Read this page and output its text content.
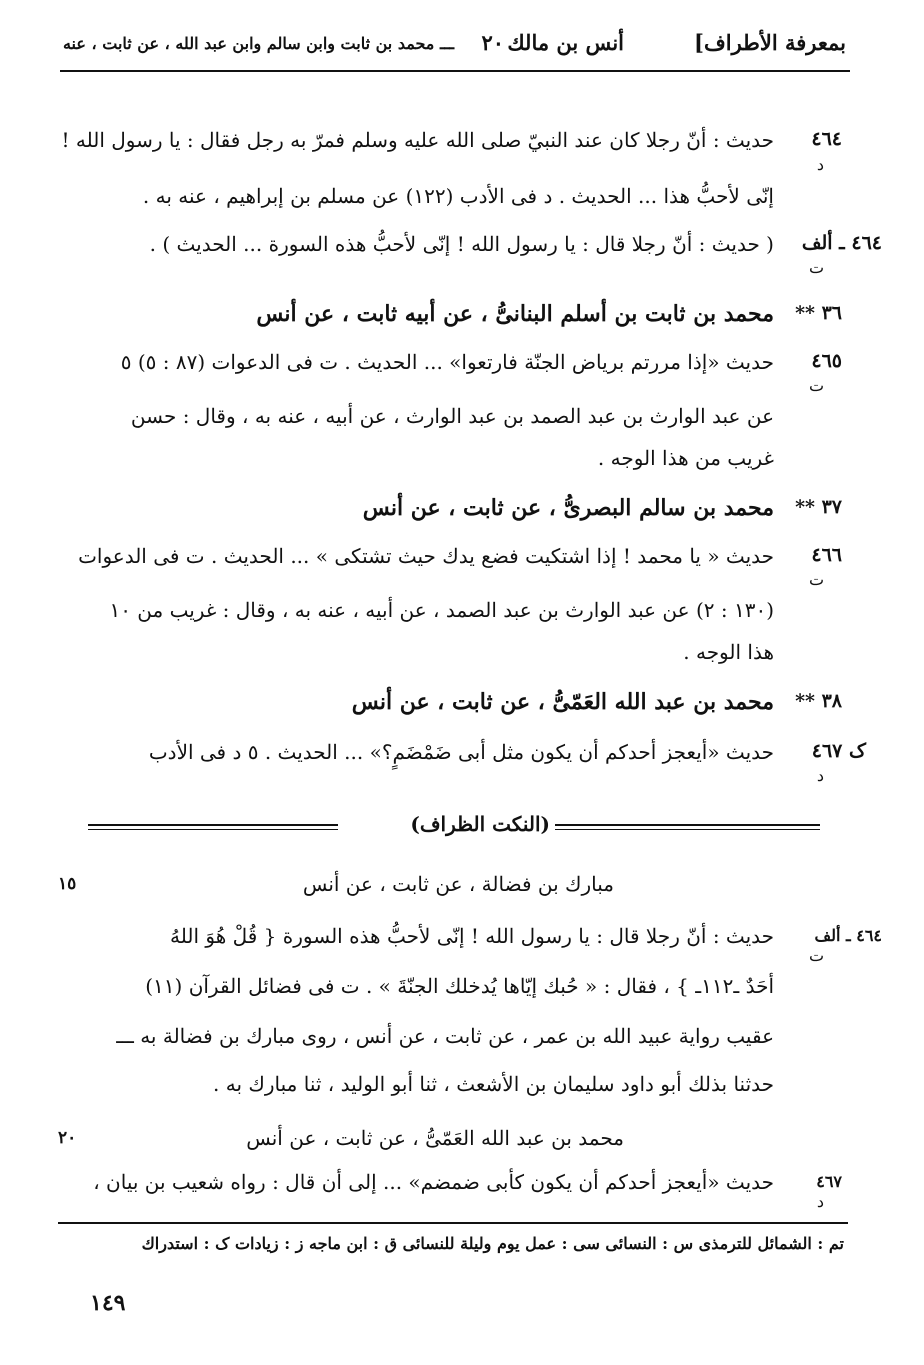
بمعرفة الأطراف]
أنس بن مالك
٢٠
ـــ محمد بن ثابت وابن سالم وابن عبد الله ، عن ثابت ، عنه
٤٦٤
د
حديث : أنّ رجلا كان عند النبيّ صلى الله عليه وسلم فمرّ به رجل فقال : يا رسول الله !
إنّى لأحبُّ هذا ... الحديث . د فى الأدب (١٢٢) عن مسلم بن إبراهيم ، عنه به .
٤٦٤ ـ ألف
ت
( حديث : أنّ رجلا قال : يا رسول الله ! إنّى لأحبُّ هذه السورة ... الحديث ) .
٣٦ **
محمد بن ثابت بن أسلم البنانىُّ ، عن أبيه ثابت ، عن أنس
٤٦٥
ت
حديث «إذا مررتم برياض الجنّة فارتعوا» ... الحديث . ت فى الدعوات (٨٧ : ٥) ٥
عن عبد الوارث بن عبد الصمد بن عبد الوارث ، عن أبيه ، عنه به ، وقال : حسن
غريب من هذا الوجه .
٣٧ **
محمد بن سالم البصرىُّ ، عن ثابت ، عن أنس
٤٦٦
ت
حديث « يا محمد ! إذا اشتكيت فضع يدك حيث تشتكى » ... الحديث . ت فى الدعوات
(١٣٠ : ٢) عن عبد الوارث بن عبد الصمد ، عن أبيه ، عنه به ، وقال : غريب من ١٠
هذا الوجه .
٣٨ **
محمد بن عبد الله العَمّىُّ ، عن ثابت ، عن أنس
ک ٤٦٧
د
حديث «أيعجز أحدكم أن يكون مثل أبى ضَمْضَمٍ؟» ... الحديث . ٥ د فى الأدب
(النكت الظراف)
مبارك بن فضالة ، عن ثابت ، عن أنس
١٥
٤٦٤ ـ ألف
ت
حديث : أنّ رجلا قال : يا رسول الله ! إنّى لأحبُّ هذه السورة { قُلْ هُوَ اللهُ
أحَدٌ ـ١١٢ـ } ، فقال : « حُبك إيّاها يُدخلك الجنّةَ » . ت فى فضائل القرآن (١١)
عقيب رواية عبيد الله بن عمر ، عن ثابت ، عن أنس ، روى مبارك بن فضالة به ـــ
حدثنا بذلك أبو داود سليمان بن الأشعث ، ثنا أبو الوليد ، ثنا مبارك به .
محمد بن عبد الله العَمّىُّ ، عن ثابت ، عن أنس
٢٠
٤٦٧
د
حديث «أيعجز أحدكم أن يكون كأبى ضمضم» ... إلى أن قال : رواه شعيب بن بيان ،
تم : الشمائل للترمذى س : النسائى سى : عمل يوم وليلة للنسائى ق : ابن ماجه ز : زيادات ک : استدراك
١٤٩
